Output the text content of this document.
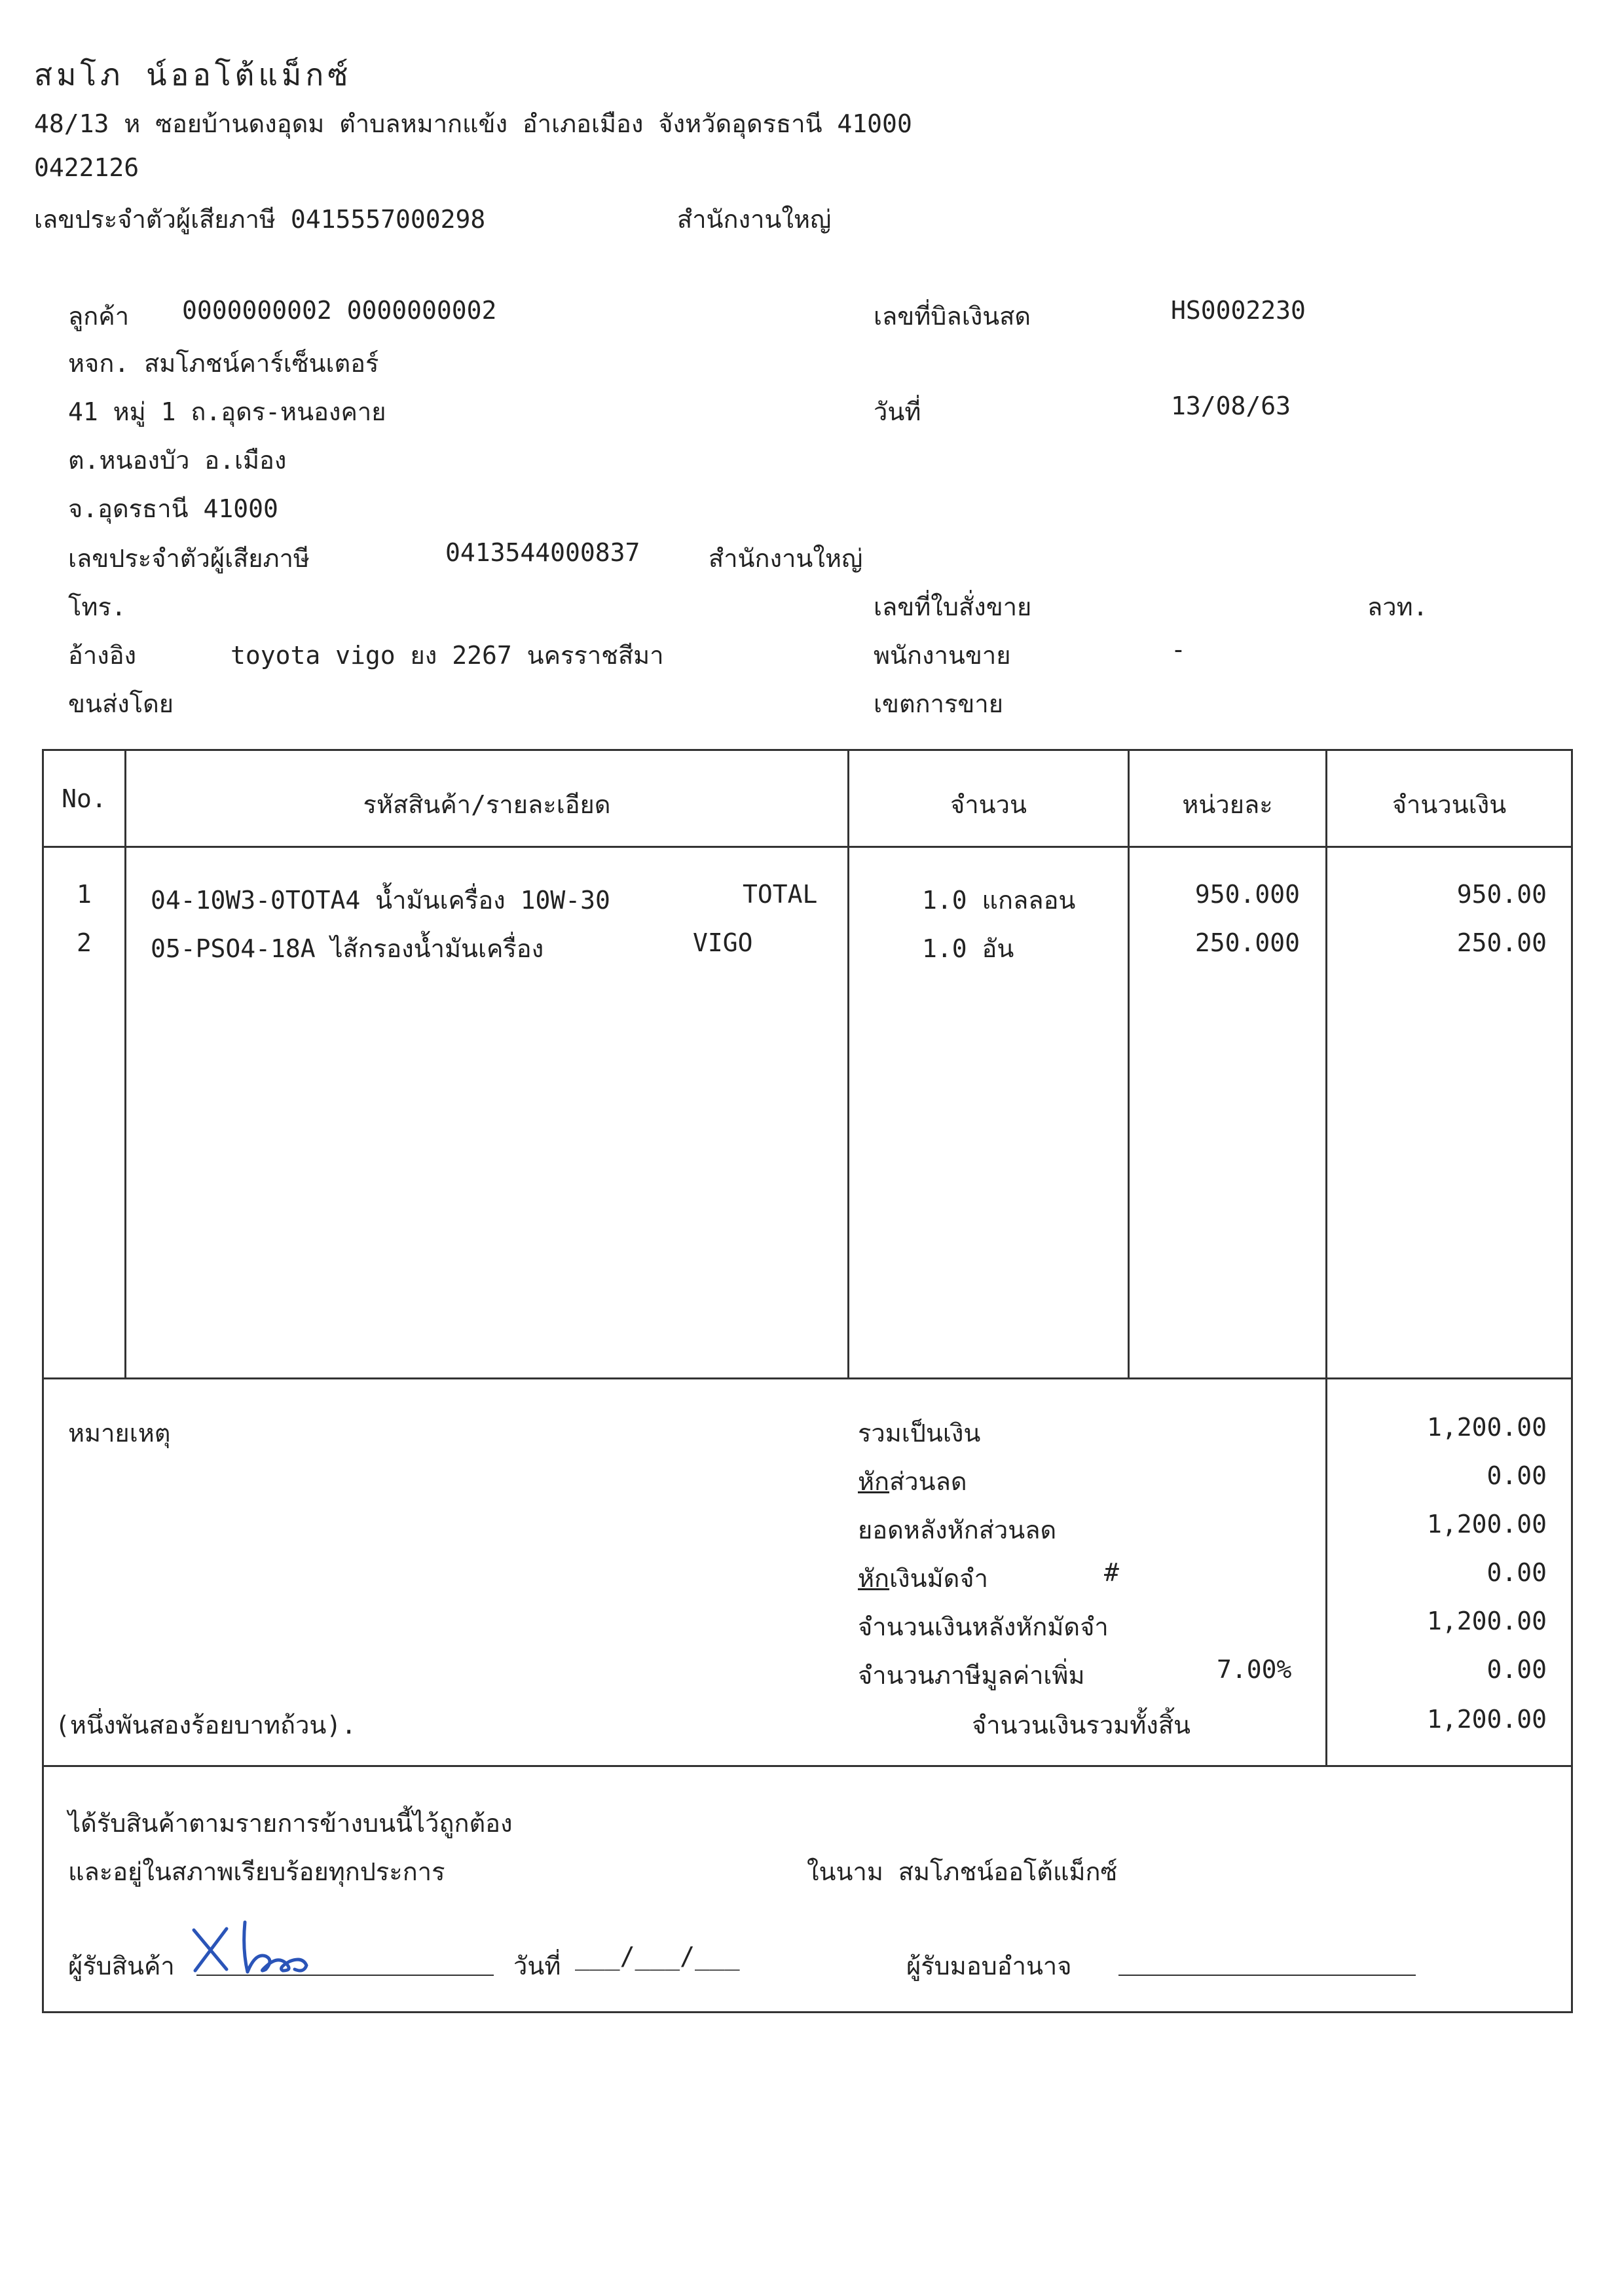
สมโภ น์ออโต้แม็กซ์
48/13 ห ซอยบ้านดงอุดม ตำบลหมากแข้ง อำเภอเมือง จังหวัดอุดรธานี 41000
0422126
เลขประจำตัวผู้เสียภาษี 0415557000298	สำนักงานใหญ่
ลูกค้า 0000000002 0000000002
หจก. สมโภชน์คาร์เซ็นเตอร์
41 หมู่ 1 ถ.อุดร-หนองคาย
ต.หนองบัว อ.เมือง
จ.อุดรธานี 41000
เลขประจำตัวผู้เสียภาษี	0413544000837	สำนักงานใหญ่
โทร.
อ้างอิง	toyota vigo ยง 2267 นครราชสีมา
ขนส่งโดย
เลขที่บิลเงินสด	HS0002230
วันที่	13/08/63
เลขที่ใบสั่งขาย	ลวท.
พนักงานขาย	-
เขตการขาย
No.	รหัสสินค้า/รายละเอียด	จำนวน	หน่วยละ	จำนวนเงิน
1	04-10W3-0TOTA4 น้ำมันเครื่อง 10W-30	TOTAL	1.0 แกลลอน	950.000	950.00
2	05-PSO4-18A ไส้กรองน้ำมันเครื่อง	VIGO	1.0 อัน	250.000	250.00
หมายเหตุ	รวมเป็นเงิน	1,200.00
หักส่วนลด	0.00
ยอดหลังหักส่วนลด	1,200.00
หักเงินมัดจำ	#	0.00
จำนวนเงินหลังหักมัดจำ	1,200.00
จำนวนภาษีมูลค่าเพิ่ม	7.00%	0.00
(หนึ่งพันสองร้อยบาทถ้วน).	จำนวนเงินรวมทั้งสิ้น	1,200.00
ได้รับสินค้าตามรายการข้างบนนี้ไว้ถูกต้อง
และอยู่ในสภาพเรียบร้อยทุกประการ	ในนาม สมโภชน์ออโต้แม็กซ์
ผู้รับสินค้า	วันที่ ___/___/___	ผู้รับมอบอำนาจ
